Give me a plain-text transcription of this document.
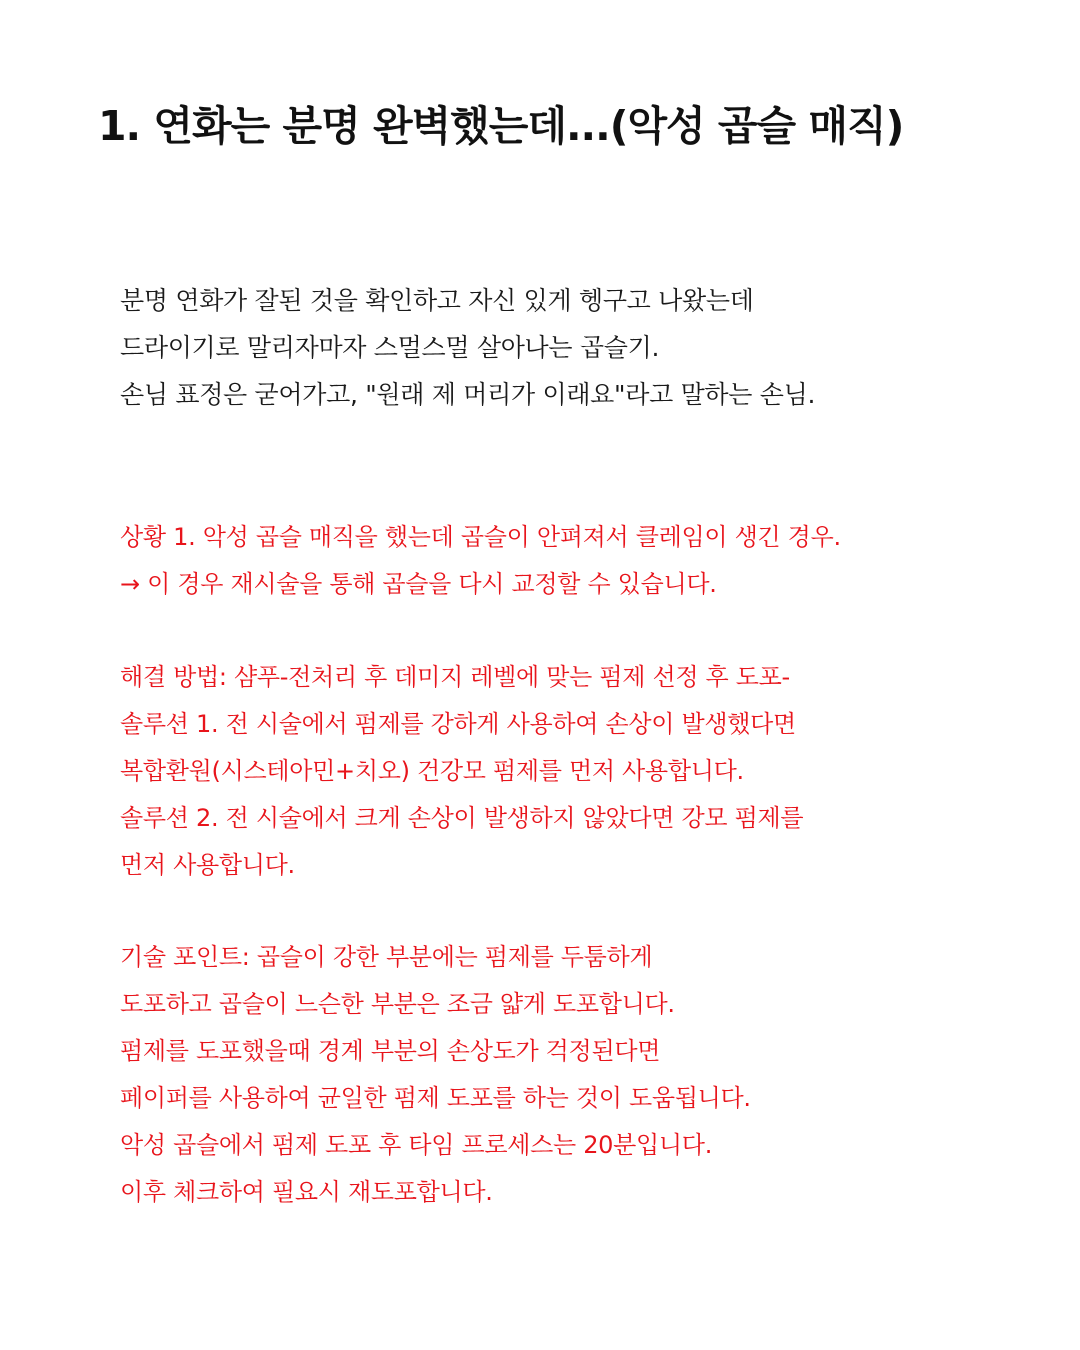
1. 연화는 분명 완벽했는데...(악성 곱슬 매직)
분명 연화가 잘된 것을 확인하고 자신 있게 헹구고 나왔는데
드라이기로 말리자마자 스멀스멀 살아나는 곱슬기.
손님 표정은 굳어가고, "원래 제 머리가 이래요"라고 말하는 손님.
상황 1. 악성 곱슬 매직을 했는데 곱슬이 안펴져서 클레임이 생긴 경우.
→ 이 경우 재시술을 통해 곱슬을 다시 교정할 수 있습니다.
해결 방법: 샴푸-전처리 후 데미지 레벨에 맞는 펌제 선정 후 도포-
솔루션 1. 전 시술에서 펌제를 강하게 사용하여 손상이 발생했다면
복합환원(시스테아민+치오) 건강모 펌제를 먼저 사용합니다.
솔루션 2. 전 시술에서 크게 손상이 발생하지 않았다면 강모 펌제를
먼저 사용합니다.
기술 포인트: 곱슬이 강한 부분에는 펌제를 두툼하게
도포하고 곱슬이 느슨한 부분은 조금 얇게 도포합니다.
펌제를 도포했을때 경계 부분의 손상도가 걱정된다면
페이퍼를 사용하여 균일한 펌제 도포를 하는 것이 도움됩니다.
악성 곱슬에서 펌제 도포 후 타임 프로세스는 20분입니다.
이후 체크하여 필요시 재도포합니다.
